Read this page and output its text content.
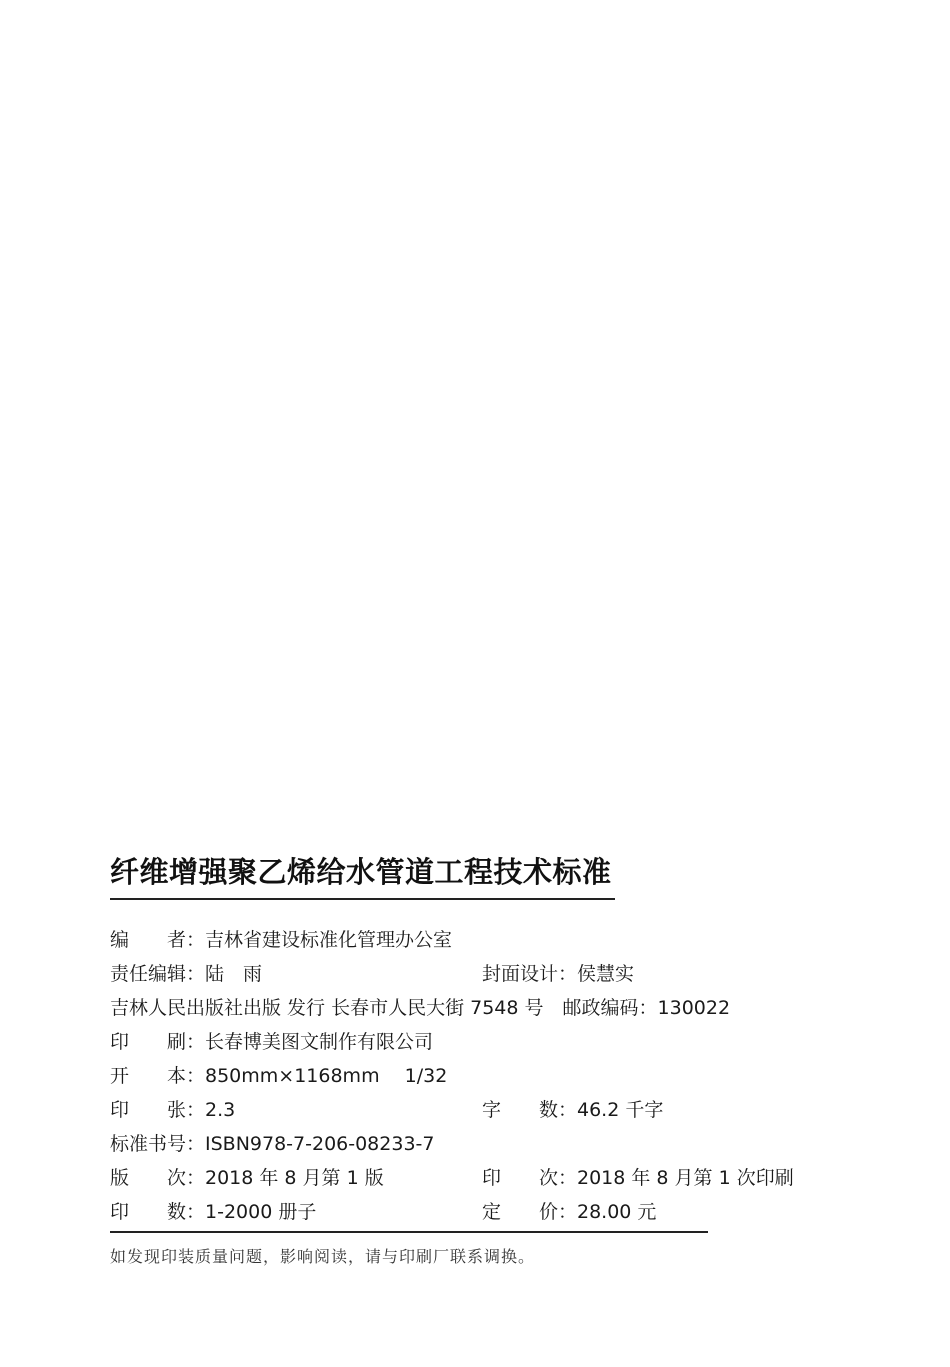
纤维增强聚乙烯给水管道工程技术标准
编　　者：吉林省建设标准化管理办公室
责任编辑：陆　雨	封面设计：侯慧实
吉林人民出版社出版 发行 长春市人民大街 7548 号　邮政编码：130022
印　　刷：长春博美图文制作有限公司
开　　本：850mm×1168mm　 1/32
印　　张：2.3	字　　数：46.2 千字
标准书号：ISBN978-7-206-08233-7
版　　次：2018 年 8 月第 1 版	印　　次：2018 年 8 月第 1 次印刷
印　　数：1-2000 册子	定　　价：28.00 元
如发现印装质量问题，影响阅读，请与印刷厂联系调换。
